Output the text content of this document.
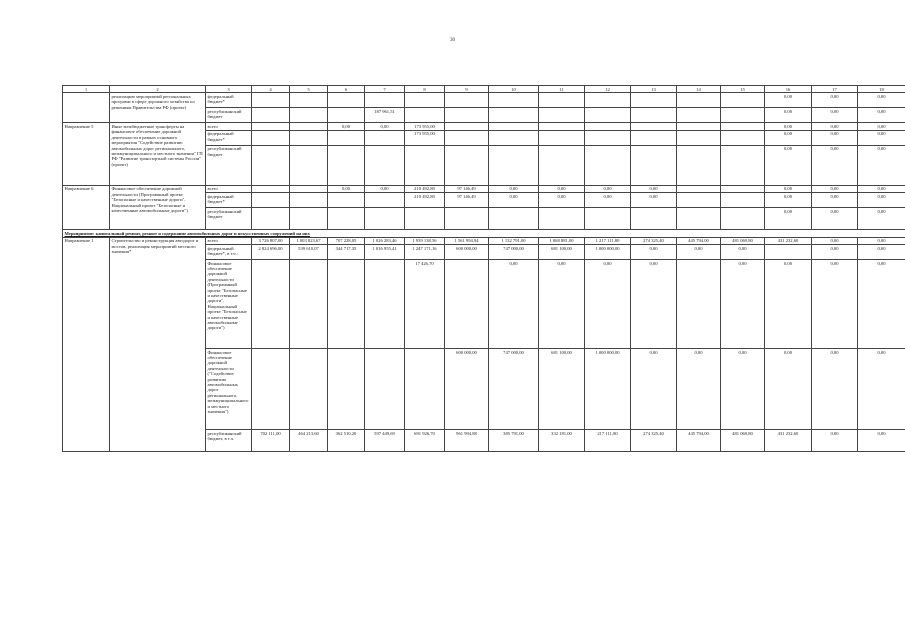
30
1	2	3	4	5	6	7	8	9	10	11	12	13	14	15	16	17	18
	реализацию мероприятий региональных программ в сфере дорожного хозяйства по решениям Правительства РФ (проект)	федеральный бюджет*													0,00	0,00	0,00
		республиканский бюджет				187 961,51									0,00	0,00	0,00
Направление 5	Иные межбюджетные трансферты на финансовое обеспечение дорожной деятельности в рамках основного мероприятия "Содействие развитию автомобильных дорог регионального, межмуниципального и местного значения" ГП РФ "Развитие транспортной системы России" (проект)	всего			0,00	0,00	173 955,00								0,00	0,00	0,00
		федеральный бюджет*					173 955,00								0,00	0,00	0,00
		республиканский бюджет													0,00	0,00	0,00
Направление 6	Финансовое обеспечение дорожной деятельности (Программный проект "Безопасные и качественные дороги", Национальный проект "Безопасные и качественные автомобильные дороги")	всего			0,00	0,00	210 492,80	97 146,49	0,00	0,00	0,00	0,00			0,00	0,00	0,00
		федеральный бюджет*					210 492,80	97 146,49	0,00	0,00	0,00	0,00			0,00	0,00	0,00
		республиканский бюджет													0,00	0,00	0,00
Мероприятие: капитальный ремонт, ремонт и содержание автомобильных дорог и искусственных сооружений на них																	
Направление 1	Строительство и реконструкция автодорог и мостов, реализация мероприятий местного значения*	всего	3 726 807,00	1 003 823,67	707 228,05	1 026 283,46	1 939 138,56	1 561 994,94	1 132 791,00	1 068 881,00	1 217 111,80	274 325,40	445 794,00	481 069,80	431 232,60	0,00	0,00
		федеральный бюджет*, в т.ч.:	2 824 696,00	539 610,07	344 717,35	1 016 955,41	1 247 171,16	600 000,00	747 000,00	681 100,00	1 000 000,00	0,00	0,00	0,00		0,00	0,00
		Финансовое обеспечение дорожной деятельности (Программный проект "Безопасные и качественные дороги", Национальный проект "Безопасные и качественные автомобильные дороги")					17 426,70		0,00	0,00	0,00	0,00		0,00	0,00	0,00	0,00
		Финансовое обеспечение дорожной деятельности ("Содействие развитию автомобильных дорог регионального, межмуниципального и местного значения")						600 000,00	747 000,00	681 100,00	1 000 000,00	0,00	0,00	0,00	0,00	0,00	0,00
		республиканский бюджет, в т.ч.	702 111,00	464 213,60	362 510,20	597 449,69	691 926,70	961 994,88	385 791,00	332 181,00	217 111,80	274 325,40	445 794,00	481 069,80	431 232,60	0,00	0,00
